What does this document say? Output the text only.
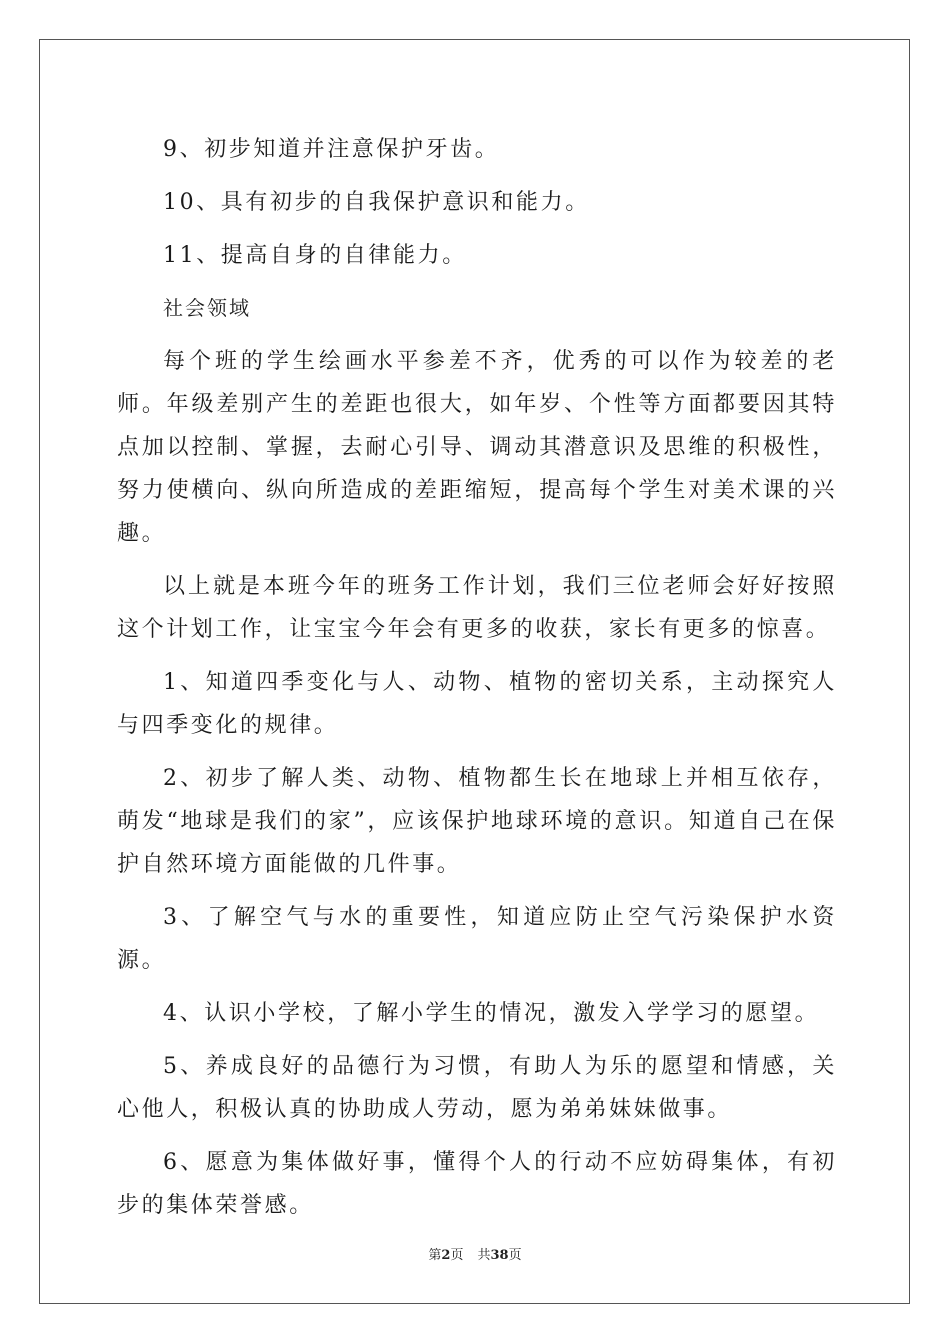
9、初步知道并注意保护牙齿。

10、具有初步的自我保护意识和能力。

11、提高自身的自律能力。

社会领域

每个班的学生绘画水平参差不齐，优秀的可以作为较差的老师。年级差别产生的差距也很大，如年岁、个性等方面都要因其特点加以控制、掌握，去耐心引导、调动其潜意识及思维的积极性，努力使横向、纵向所造成的差距缩短，提高每个学生对美术课的兴趣。

以上就是本班今年的班务工作计划，我们三位老师会好好按照这个计划工作，让宝宝今年会有更多的收获，家长有更多的惊喜。

1、知道四季变化与人、动物、植物的密切关系，主动探究人与四季变化的规律。

2、初步了解人类、动物、植物都生长在地球上并相互依存，萌发“地球是我们的家”，应该保护地球环境的意识。知道自己在保护自然环境方面能做的几件事。

3、了解空气与水的重要性，知道应防止空气污染保护水资源。

4、认识小学校，了解小学生的情况，激发入学学习的愿望。

5、养成良好的品德行为习惯，有助人为乐的愿望和情感，关心他人，积极认真的协助成人劳动，愿为弟弟妹妹做事。

6、愿意为集体做好事，懂得个人的行动不应妨碍集体，有初步的集体荣誉感。

第2页 共38页
